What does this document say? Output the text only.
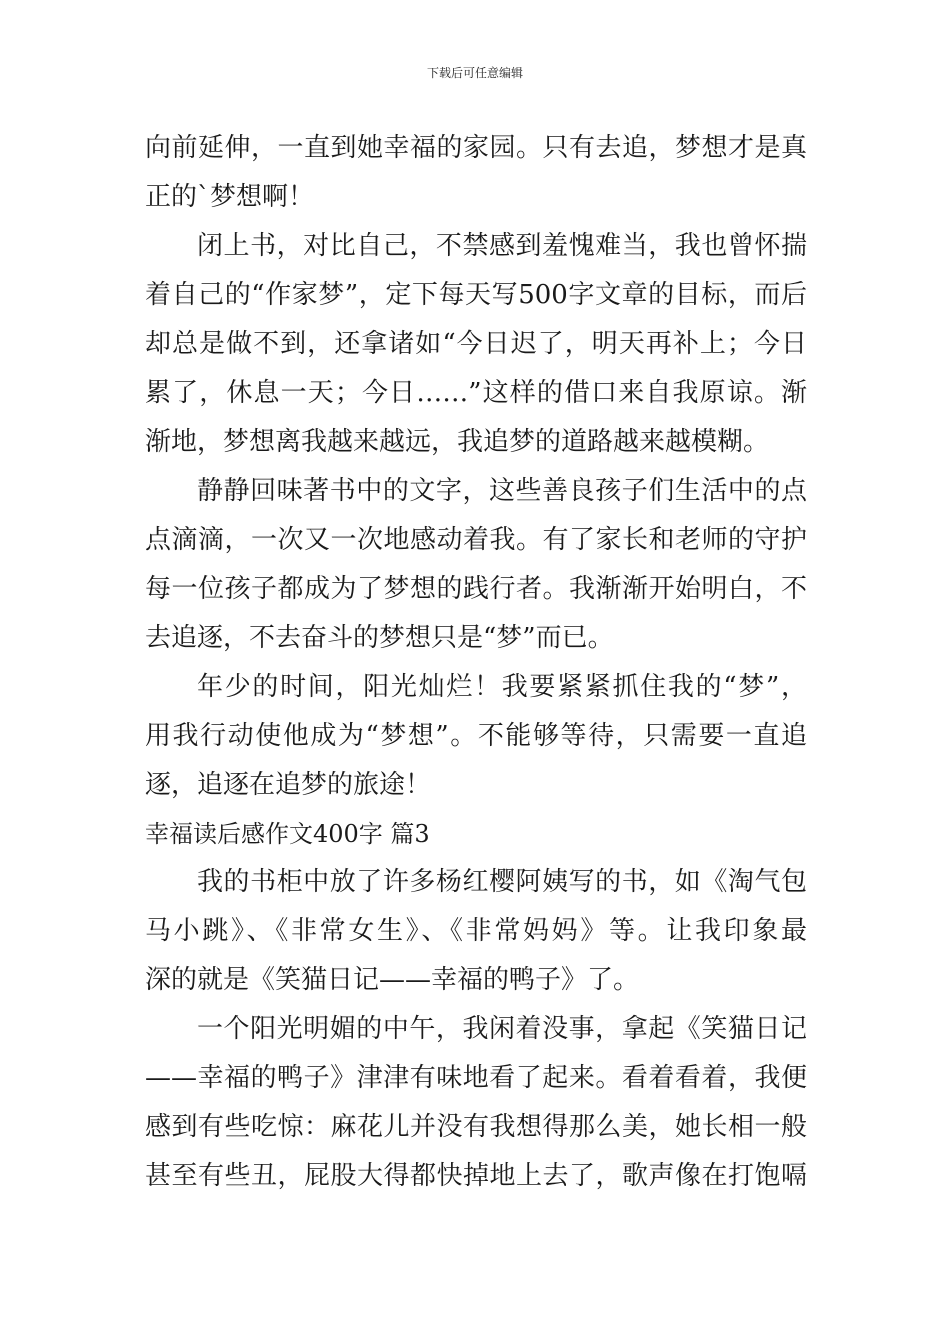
下载后可任意编辑
向前延伸，一直到她幸福的家园。只有去追，梦想才是真
正的`梦想啊！
闭上书，对比自己，不禁感到羞愧难当，我也曾怀揣
着自己的“作家梦”，定下每天写500字文章的目标，而后
却总是做不到，还拿诸如“今日迟了，明天再补上；今日
累了，休息一天；今日……”这样的借口来自我原谅。渐
渐地，梦想离我越来越远，我追梦的道路越来越模糊。
静静回味著书中的文字，这些善良孩子们生活中的点
点滴滴，一次又一次地感动着我。有了家长和老师的守护
每一位孩子都成为了梦想的践行者。我渐渐开始明白，不
去追逐，不去奋斗的梦想只是“梦”而已。
年少的时间，阳光灿烂！我要紧紧抓住我的“梦”，
用我行动使他成为“梦想”。不能够等待，只需要一直追
逐，追逐在追梦的旅途！
幸福读后感作文400字 篇3
我的书柜中放了许多杨红樱阿姨写的书，如《淘气包
马小跳》、《非常女生》、《非常妈妈》等。让我印象最
深的就是《笑猫日记——幸福的鸭子》了。
一个阳光明媚的中午，我闲着没事，拿起《笑猫日记
——幸福的鸭子》津津有味地看了起来。看着看着，我便
感到有些吃惊：麻花儿并没有我想得那么美，她长相一般
甚至有些丑，屁股大得都快掉地上去了，歌声像在打饱嗝
